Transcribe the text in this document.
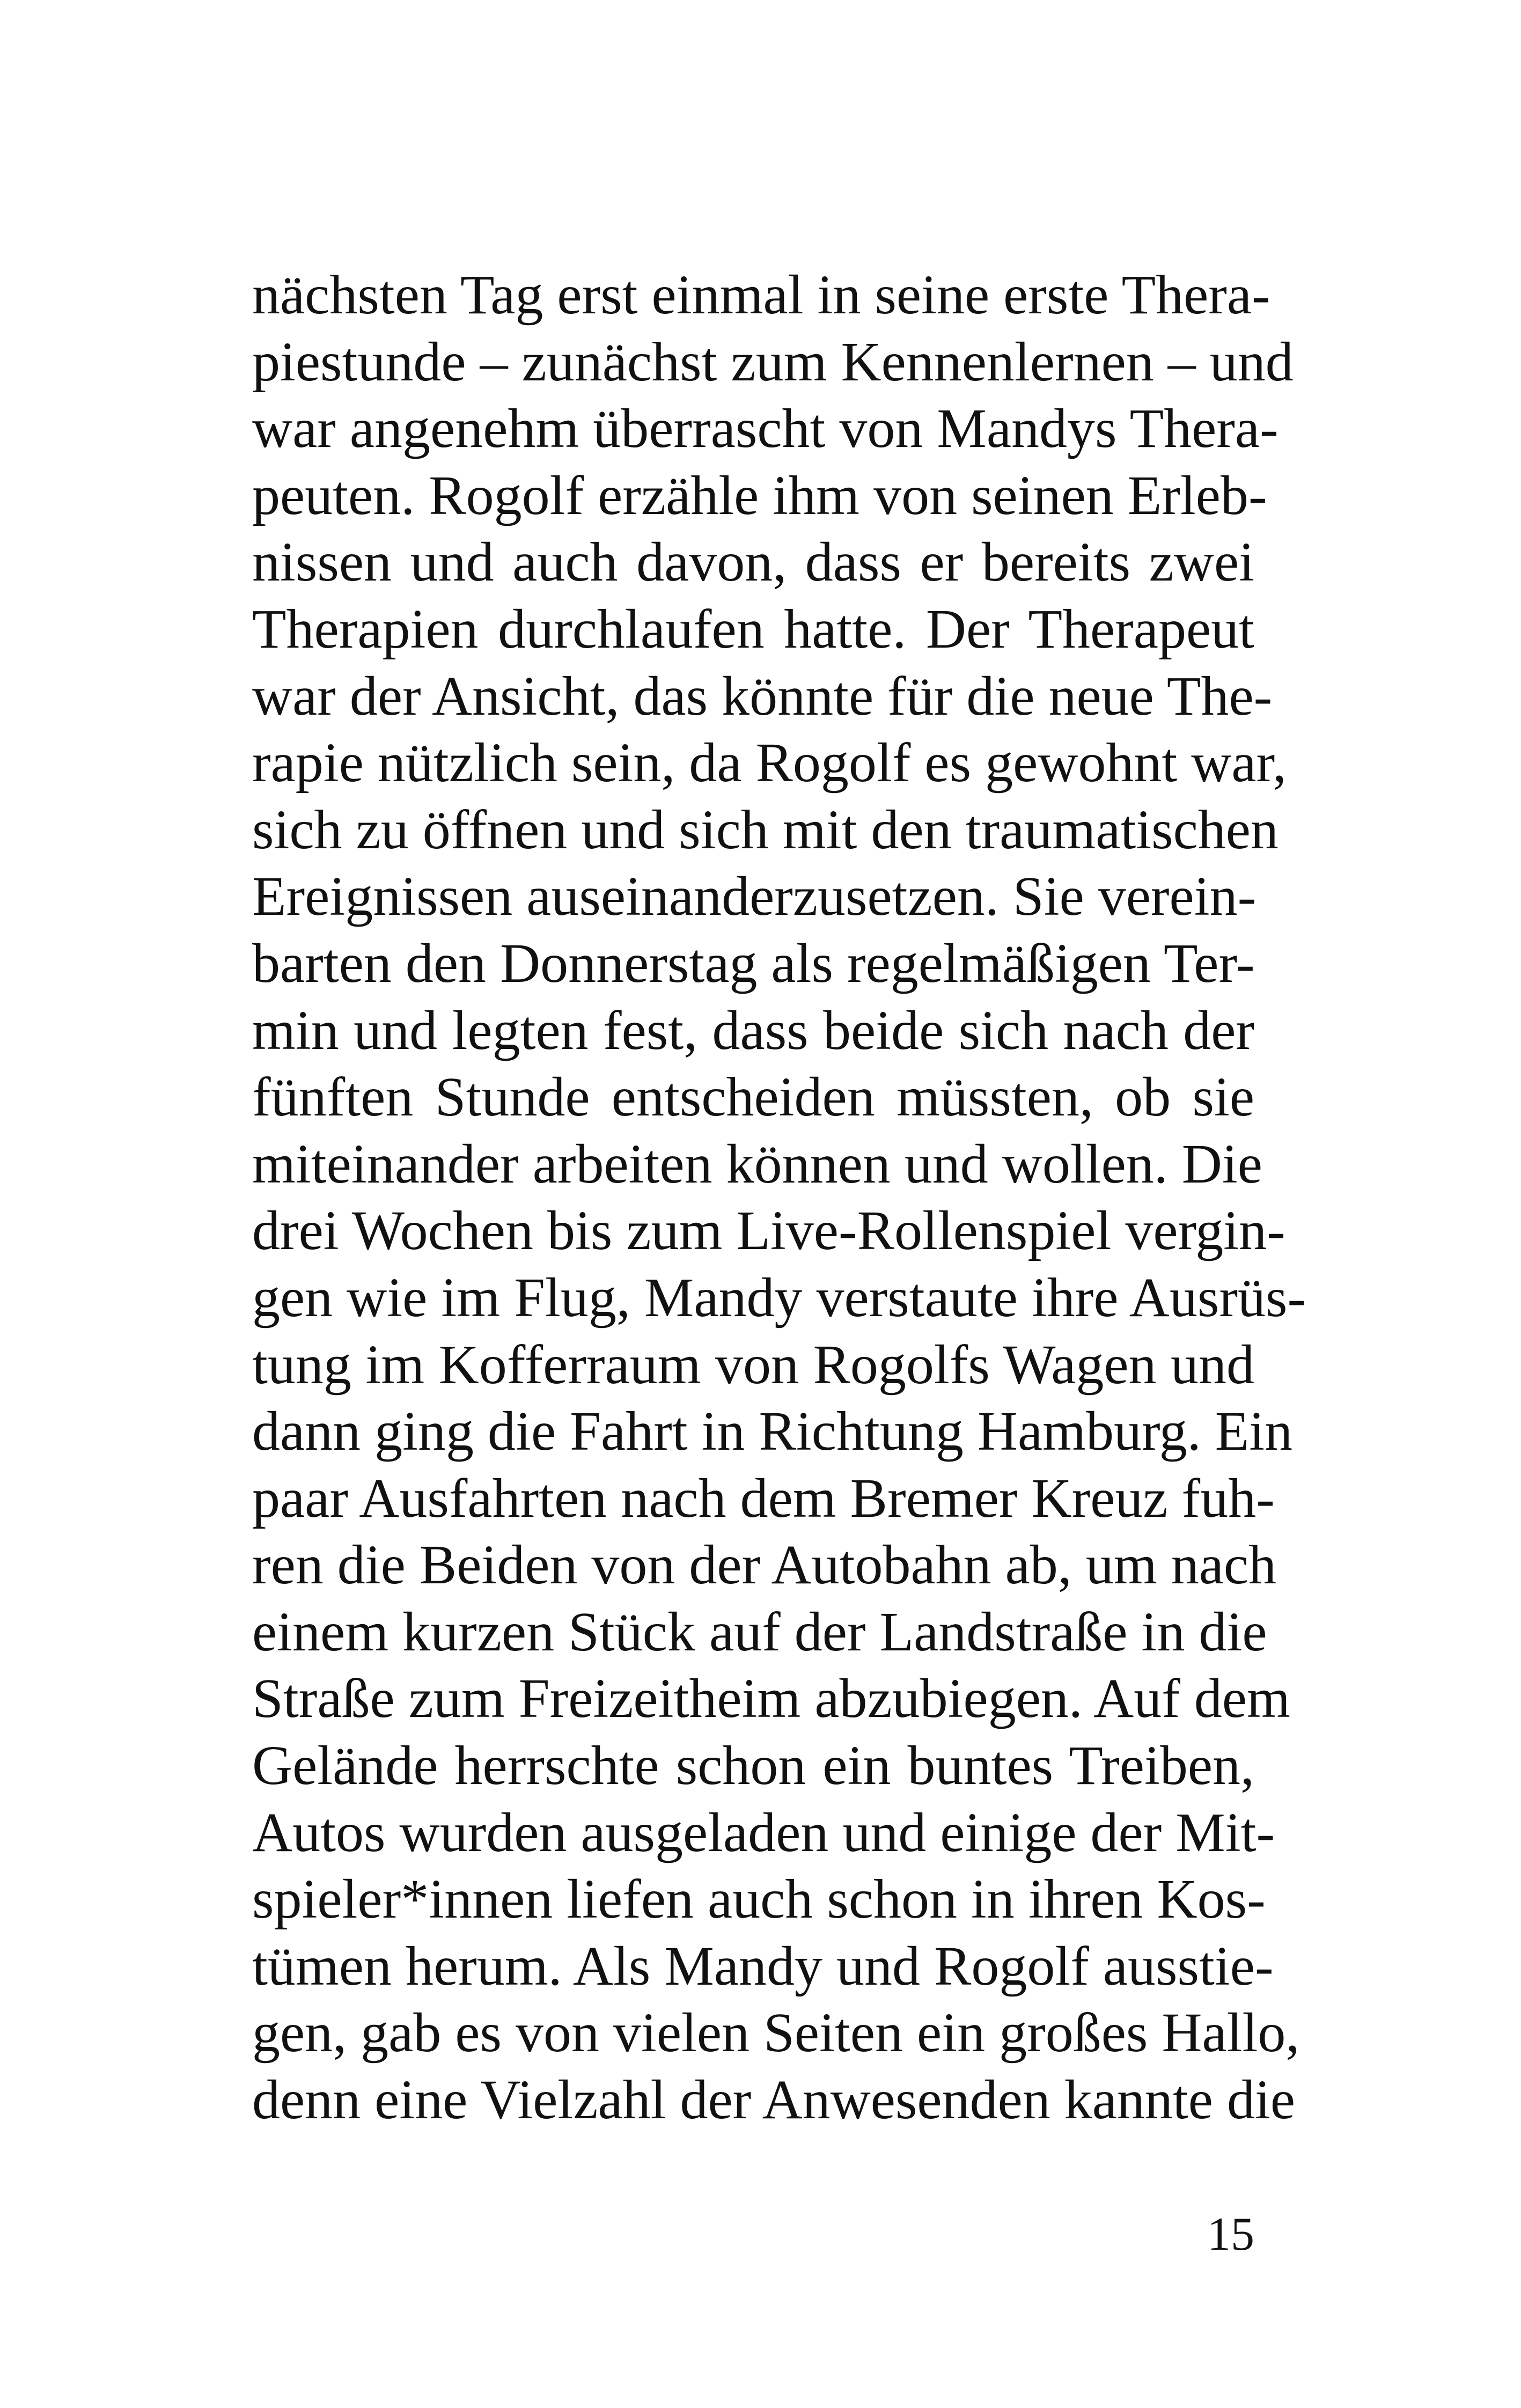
nächsten Tag erst einmal in seine erste Thera-
piestunde – zunächst zum Kennenlernen – und
war angenehm überrascht von Mandys Thera-
peuten. Rogolf erzähle ihm von seinen Erleb-
nissen und auch davon, dass er bereits zwei
Therapien durchlaufen hatte. Der Therapeut
war der Ansicht, das könnte für die neue The-
rapie nützlich sein, da Rogolf es gewohnt war,
sich zu öffnen und sich mit den traumatischen
Ereignissen auseinanderzusetzen. Sie verein-
barten den Donnerstag als regelmäßigen Ter-
min und legten fest, dass beide sich nach der
fünften Stunde entscheiden müssten, ob sie
miteinander arbeiten können und wollen. Die
drei Wochen bis zum Live-Rollenspiel vergin-
gen wie im Flug, Mandy verstaute ihre Ausrüs-
tung im Kofferraum von Rogolfs Wagen und
dann ging die Fahrt in Richtung Hamburg. Ein
paar Ausfahrten nach dem Bremer Kreuz fuh-
ren die Beiden von der Autobahn ab, um nach
einem kurzen Stück auf der Landstraße in die
Straße zum Freizeitheim abzubiegen. Auf dem
Gelände herrschte schon ein buntes Treiben,
Autos wurden ausgeladen und einige der Mit-
spieler*innen liefen auch schon in ihren Kos-
tümen herum. Als Mandy und Rogolf ausstie-
gen, gab es von vielen Seiten ein großes Hallo,
denn eine Vielzahl der Anwesenden kannte die
15
